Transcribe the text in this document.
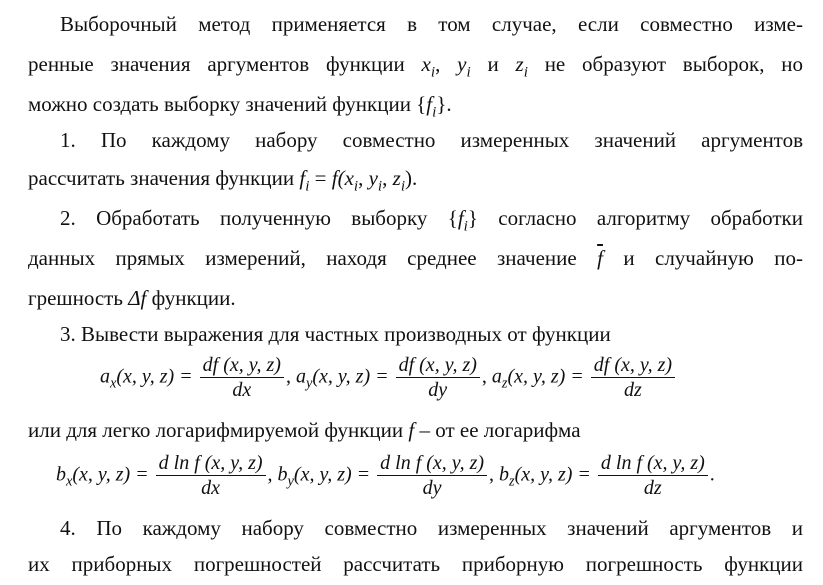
Выборочный метод применяется в том случае, если совместно изме-
ренные значения аргументов функции $x_i$, $y_i$ и $z_i$ не образуют выборок, но
можно создать выборку значений функции $\{f_i\}$.
1. По каждому набору совместно измеренных значений аргументов
рассчитать значения функции $f_i = f(x_i$, $y_i$, $z_i$).
2. Обработать полученную выборку $\{f_i\}$ согласно алгоритму обработки
данных прямых измерений, находя среднее значение $\overline{f}$ и случайную по-
грешность Δf функции.
3. Вывести выражения для частных производных от функции
$a_x(x$, y, $z) = \frac{df (x, y, z)}{dx}$ , $a_y(x$, y, $z) = \frac{df (x, y, z)}{dy}$ , $a_z(x$, y, $z) = \frac{df (x, y, z)}{dz}$
или для легко логарифмируемой функции f – от ее логарифма
$b_x(x$, y, $z) = \frac{\text{d ln f (x, y, z)}}{dx}$ , $b_y(x$, y, $z) = \frac{\text{d ln f (x, y, z)}}{dy}$ , $b_z(x$, y, $z) = \frac{\text{d ln f (x, y, z)}}{dz}$ .
4. По каждому набору совместно измеренных значений аргументов и
их приборных погрешностей рассчитать приборную погрешность функции
